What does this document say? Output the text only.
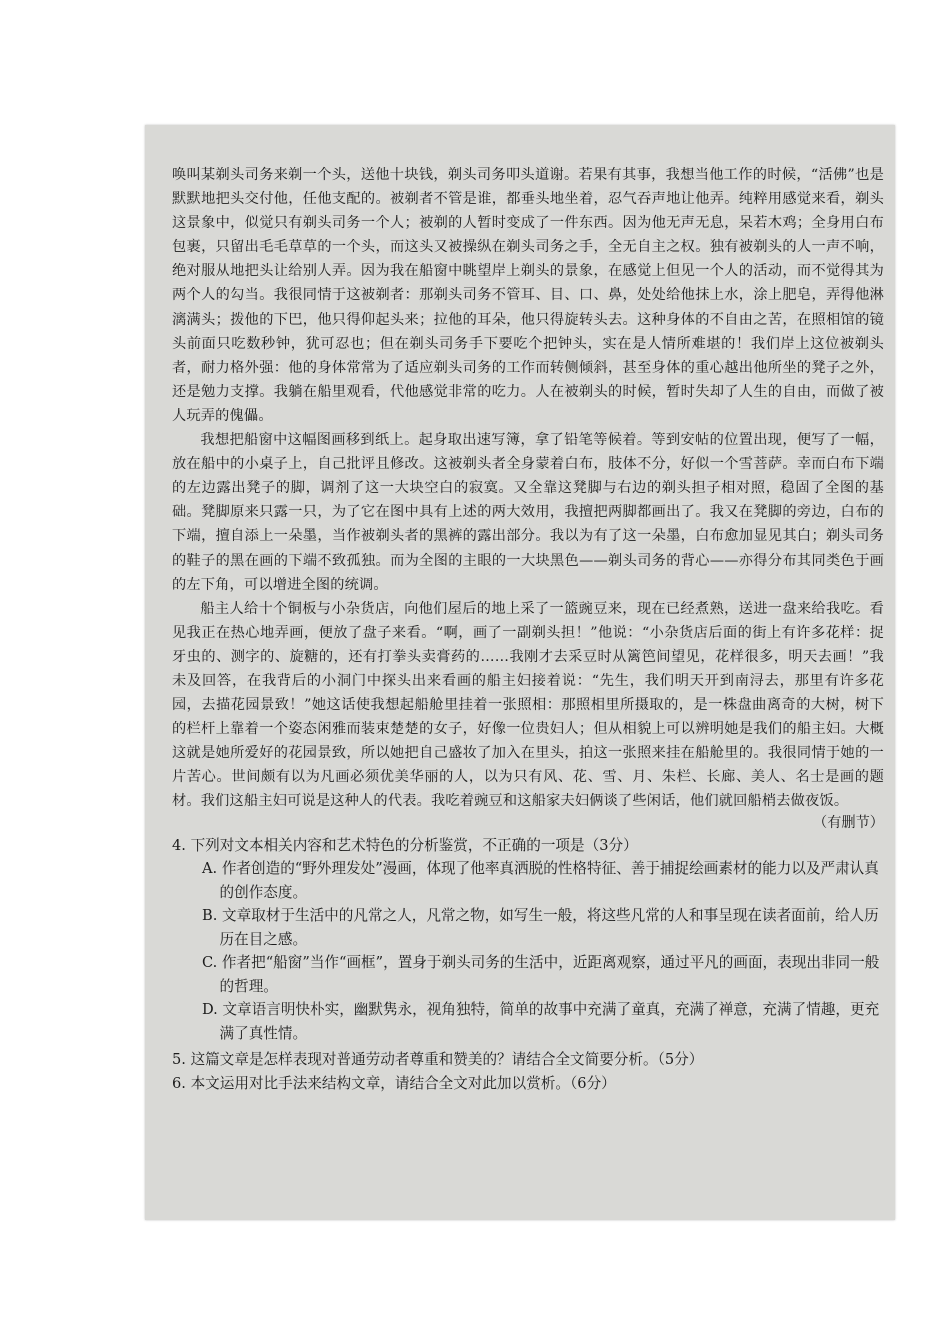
唤叫某剃头司务来剃一个头，送他十块钱，剃头司务叩头道谢。若果有其事，我想当他工作的时候，“活佛”也是默默地把头交付他，任他支配的。被剃者不管是谁，都垂头地坐着，忍气吞声地让他弄。纯粹用感觉来看，剃头这景象中，似觉只有剃头司务一个人；被剃的人暂时变成了一件东西。因为他无声无息，呆若木鸡；全身用白布包裹，只留出毛毛草草的一个头，而这头又被操纵在剃头司务之手，全无自主之权。独有被剃头的人一声不响，绝对服从地把头让给别人弄。因为我在船窗中眺望岸上剃头的景象，在感觉上但见一个人的活动，而不觉得其为两个人的勾当。我很同情于这被剃者：那剃头司务不管耳、目、口、鼻，处处给他抹上水，涂上肥皂，弄得他淋漓满头；拨他的下巴，他只得仰起头来；拉他的耳朵，他只得旋转头去。这种身体的不自由之苦，在照相馆的镜头前面只吃数秒钟，犹可忍也；但在剃头司务手下要吃个把钟头，实在是人情所难堪的！我们岸上这位被剃头者，耐力格外强：他的身体常常为了适应剃头司务的工作而转侧倾斜，甚至身体的重心越出他所坐的凳子之外，还是勉力支撑。我躺在船里观看，代他感觉非常的吃力。人在被剃头的时候，暂时失却了人生的自由，而做了被人玩弄的傀儡。

我想把船窗中这幅图画移到纸上。起身取出速写簿，拿了铅笔等候着。等到安帖的位置出现，便写了一幅，放在船中的小桌子上，自己批评且修改。这被剃头者全身蒙着白布，肢体不分，好似一个雪菩萨。幸而白布下端的左边露出凳子的脚，调剂了这一大块空白的寂寞。又全靠这凳脚与右边的剃头担子相对照，稳固了全图的基础。凳脚原来只露一只，为了它在图中具有上述的两大效用，我擅把两脚都画出了。我又在凳脚的旁边，白布的下端，擅自添上一朵墨，当作被剃头者的黑裤的露出部分。我以为有了这一朵墨，白布愈加显见其白；剃头司务的鞋子的黑在画的下端不致孤独。而为全图的主眼的一大块黑色——剃头司务的背心——亦得分布其同类色于画的左下角，可以增进全图的统调。

船主人给十个铜板与小杂货店，向他们屋后的地上采了一篮豌豆来，现在已经煮熟，送进一盘来给我吃。看见我正在热心地弄画，便放了盘子来看。“啊，画了一副剃头担！”他说：“小杂货店后面的街上有许多花样：捉牙虫的、测字的、旋糖的，还有打拳头卖膏药的……我刚才去采豆时从篱笆间望见，花样很多，明天去画！”我未及回答，在我背后的小洞门中探头出来看画的船主妇接着说：“先生，我们明天开到南浔去，那里有许多花园，去描花园景致！”她这话使我想起船舱里挂着一张照相：那照相里所摄取的，是一株盘曲离奇的大树，树下的栏杆上靠着一个姿态闲雅而装束楚楚的女子，好像一位贵妇人；但从相貌上可以辨明她是我们的船主妇。大概这就是她所爱好的花园景致，所以她把自己盛妆了加入在里头，拍这一张照来挂在船舱里的。我很同情于她的一片苦心。世间颇有以为凡画必须优美华丽的人，以为只有风、花、雪、月、朱栏、长廊、美人、名士是画的题材。我们这船主妇可说是这种人的代表。我吃着豌豆和这船家夫妇俩谈了些闲话，他们就回船梢去做夜饭。

（有删节）

4. 下列对文本相关内容和艺术特色的分析鉴赏，不正确的一项是（3分）

A. 作者创造的“野外理发处”漫画，体现了他率真洒脱的性格特征、善于捕捉绘画素材的能力以及严肃认真的创作态度。

B. 文章取材于生活中的凡常之人，凡常之物，如写生一般，将这些凡常的人和事呈现在读者面前，给人历历在目之感。

C. 作者把“船窗”当作“画框”，置身于剃头司务的生活中，近距离观察，通过平凡的画面，表现出非同一般的哲理。

D. 文章语言明快朴实，幽默隽永，视角独特，简单的故事中充满了童真，充满了禅意，充满了情趣，更充满了真性情。

5. 这篇文章是怎样表现对普通劳动者尊重和赞美的？请结合全文简要分析。（5分）

6. 本文运用对比手法来结构文章，请结合全文对此加以赏析。（6分）
